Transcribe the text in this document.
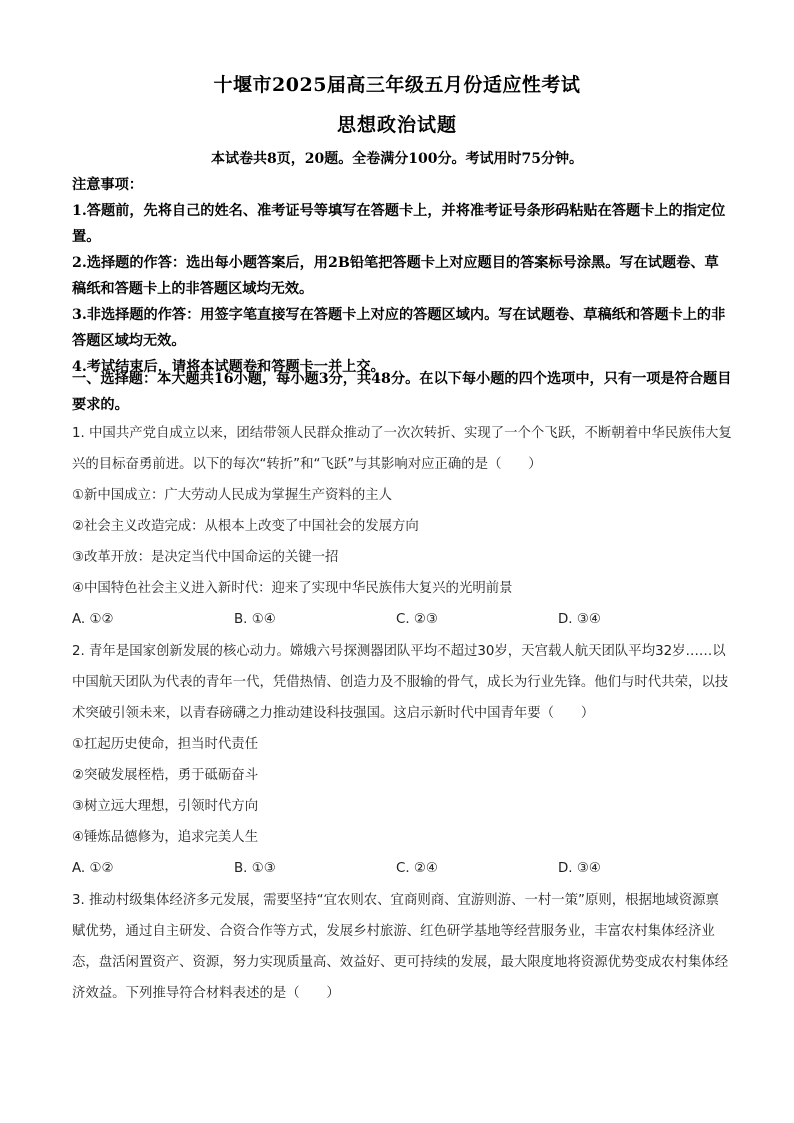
十堰市2025届高三年级五月份适应性考试
思想政治试题
本试卷共8页，20题。全卷满分100分。考试用时75分钟。

注意事项：

1.答题前，先将自己的姓名、准考证号等填写在答题卡上，并将准考证号条形码粘贴在答题卡上的指定位置。

2.选择题的作答：选出每小题答案后，用2B铅笔把答题卡上对应题目的答案标号涂黑。写在试题卷、草稿纸和答题卡上的非答题区域均无效。

3.非选择题的作答：用签字笔直接写在答题卡上对应的答题区域内。写在试题卷、草稿纸和答题卡上的非答题区域均无效。

4.考试结束后，请将本试题卷和答题卡一并上交。

一、选择题：本大题共16小题，每小题3分，共48分。在以下每小题的四个选项中，只有一项是符合题目要求的。

1. 中国共产党自成立以来，团结带领人民群众推动了一次次转折、实现了一个个飞跃，不断朝着中华民族伟大复兴的目标奋勇前进。以下的每次“转折”和“飞跃”与其影响对应正确的是（　　）

①新中国成立：广大劳动人民成为掌握生产资料的主人

②社会主义改造完成：从根本上改变了中国社会的发展方向

③改革开放：是决定当代中国命运的关键一招

④中国特色社会主义进入新时代：迎来了实现中华民族伟大复兴的光明前景

A. ①②	B. ①④	C. ②③	D. ③④

2. 青年是国家创新发展的核心动力。嫦娥六号探测器团队平均不超过30岁，天宫载人航天团队平均32岁……以中国航天团队为代表的青年一代，凭借热情、创造力及不服输的骨气，成长为行业先锋。他们与时代共荣，以技术突破引领未来，以青春磅礴之力推动建设科技强国。这启示新时代中国青年要（　　）

①扛起历史使命，担当时代责任

②突破发展桎梏，勇于砥砺奋斗

③树立远大理想，引领时代方向

④锤炼品德修为，追求完美人生

A. ①②	B. ①③	C. ②④	D. ③④

3. 推动村级集体经济多元发展，需要坚持“宜农则农、宜商则商、宜游则游、一村一策”原则，根据地域资源禀赋优势，通过自主研发、合资合作等方式，发展乡村旅游、红色研学基地等经营服务业，丰富农村集体经济业态，盘活闲置资产、资源，努力实现质量高、效益好、更可持续的发展，最大限度地将资源优势变成农村集体经济效益。下列推导符合材料表述的是（　　）
